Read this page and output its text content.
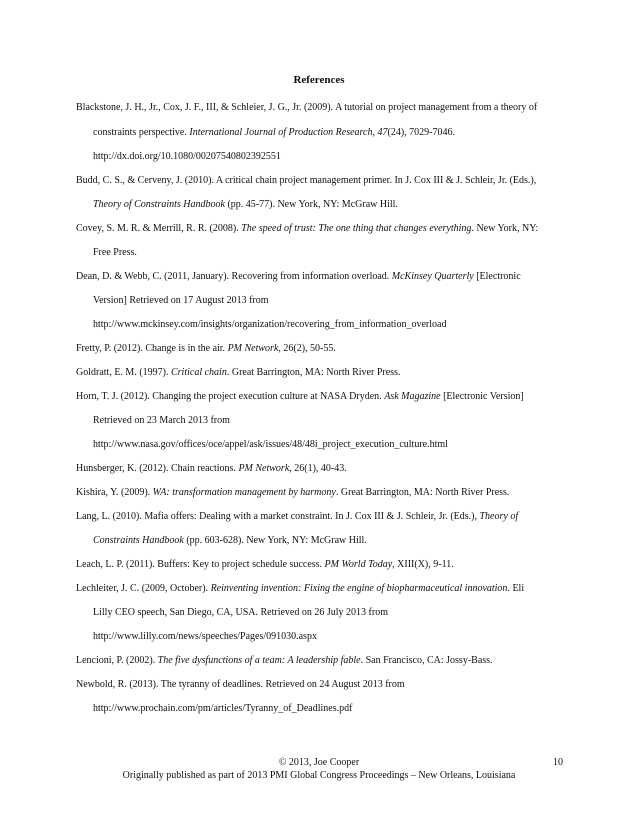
References
Blackstone, J. H., Jr., Cox, J. F., III, & Schleier, J. G., Jr. (2009). A tutorial on project management from a theory of
constraints perspective. International Journal of Production Research, 47(24), 7029-7046.
http://dx.doi.org/10.1080/00207540802392551
Budd, C. S., & Cerveny, J. (2010). A critical chain project management primer. In J. Cox III & J. Schleir, Jr. (Eds.),
Theory of Constraints Handbook (pp. 45-77). New York, NY: McGraw Hill.
Covey, S. M. R. & Merrill, R. R. (2008). The speed of trust: The one thing that changes everything. New York, NY:
Free Press.
Dean, D. & Webb, C. (2011, January). Recovering from information overload. McKinsey Quarterly [Electronic
Version] Retrieved on 17 August 2013 from
http://www.mckinsey.com/insights/organization/recovering_from_information_overload
Fretty, P. (2012). Change is in the air. PM Network, 26(2), 50-55.
Goldratt, E. M. (1997). Critical chain. Great Barrington, MA: North River Press.
Horn, T. J. (2012). Changing the project execution culture at NASA Dryden. Ask Magazine [Electronic Version]
Retrieved on 23 March 2013 from
http://www.nasa.gov/offices/oce/appel/ask/issues/48/48i_project_execution_culture.html
Hunsberger, K. (2012). Chain reactions. PM Network, 26(1), 40-43.
Kishira, Y. (2009). WA: transformation management by harmony. Great Barrington, MA: North River Press.
Lang, L. (2010). Mafia offers: Dealing with a market constraint. In J. Cox III & J. Schleir, Jr. (Eds.), Theory of
Constraints Handbook (pp. 603-628). New York, NY: McGraw Hill.
Leach, L. P. (2011). Buffers: Key to project schedule success. PM World Today, XIII(X), 9-11.
Lechleiter, J. C. (2009, October). Reinventing invention: Fixing the engine of biopharmaceutical innovation. Eli
Lilly CEO speech, San Diego, CA, USA. Retrieved on 26 July 2013 from
http://www.lilly.com/news/speeches/Pages/091030.aspx
Lencioni, P. (2002). The five dysfunctions of a team: A leadership fable. San Francisco, CA: Jossy-Bass.
Newbold, R. (2013). The tyranny of deadlines. Retrieved on 24 August 2013 from
http://www.prochain.com/pm/articles/Tyranny_of_Deadlines.pdf
© 2013, Joe Cooper	10
Originally published as part of 2013 PMI Global Congress Proceedings – New Orleans, Louisiana
